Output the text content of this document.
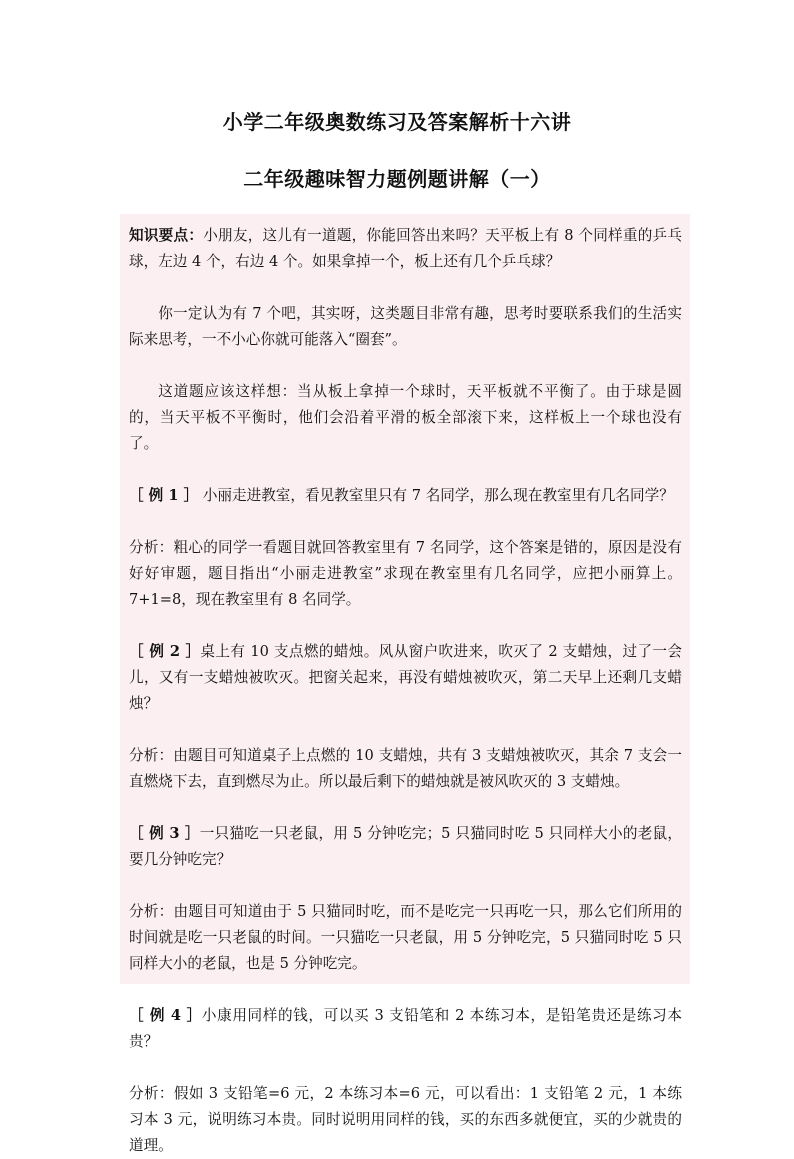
小学二年级奥数练习及答案解析十六讲
二年级趣味智力题例题讲解（一）

知识要点：小朋友，这儿有一道题，你能回答出来吗？天平板上有 8 个同样重的乒乓球，左边 4 个，右边 4 个。如果拿掉一个，板上还有几个乒乓球？

你一定认为有 7 个吧，其实呀，这类题目非常有趣，思考时要联系我们的生活实际来思考，一不小心你就可能落入“圈套”。

这道题应该这样想：当从板上拿掉一个球时，天平板就不平衡了。由于球是圆的，当天平板不平衡时，他们会沿着平滑的板全部滚下来，这样板上一个球也没有了。

［ 例 1 ］ 小丽走进教室，看见教室里只有 7 名同学，那么现在教室里有几名同学？

分析：粗心的同学一看题目就回答教室里有 7 名同学，这个答案是错的，原因是没有好好审题，题目指出“小丽走进教室”求现在教室里有几名同学，应把小丽算上。7+1=8，现在教室里有 8 名同学。

［ 例 2 ］桌上有 10 支点燃的蜡烛。风从窗户吹进来，吹灭了 2 支蜡烛，过了一会儿，又有一支蜡烛被吹灭。把窗关起来，再没有蜡烛被吹灭，第二天早上还剩几支蜡烛？

分析：由题目可知道桌子上点燃的 10 支蜡烛，共有 3 支蜡烛被吹灭，其余 7 支会一直燃烧下去，直到燃尽为止。所以最后剩下的蜡烛就是被风吹灭的 3 支蜡烛。

［ 例 3 ］一只猫吃一只老鼠，用 5 分钟吃完；5 只猫同时吃 5 只同样大小的老鼠，要几分钟吃完？

分析：由题目可知道由于 5 只猫同时吃，而不是吃完一只再吃一只，那么它们所用的时间就是吃一只老鼠的时间。一只猫吃一只老鼠，用 5 分钟吃完，5 只猫同时吃 5 只同样大小的老鼠，也是 5 分钟吃完。

［ 例 4 ］小康用同样的钱，可以买 3 支铅笔和 2 本练习本，是铅笔贵还是练习本贵？

分析：假如 3 支铅笔=6 元，2 本练习本=6 元，可以看出：1 支铅笔 2 元，1 本练习本 3 元，说明练习本贵。同时说明用同样的钱，买的东西多就便宜，买的少就贵的道理。
